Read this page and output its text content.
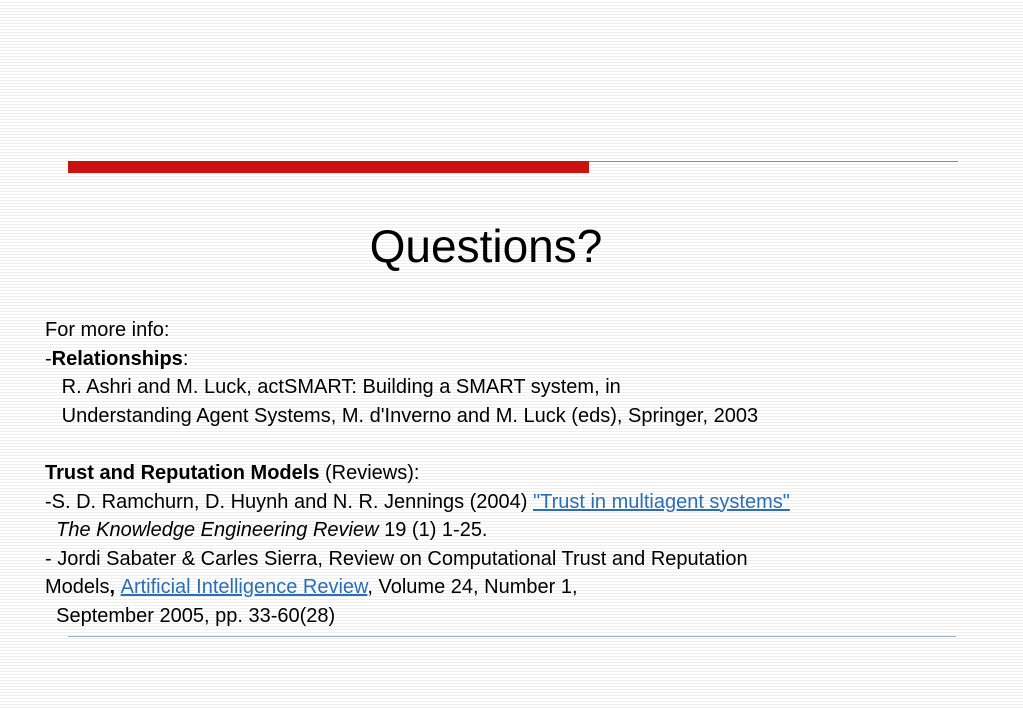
Questions?
For more info:
-Relationships:
R. Ashri and M. Luck, actSMART: Building a SMART system, in
Understanding Agent Systems, M. d'Inverno and M. Luck (eds), Springer, 2003
Trust and Reputation Models (Reviews):
-S. D. Ramchurn, D. Huynh and N. R. Jennings (2004) "Trust in multiagent systems"
The Knowledge Engineering Review 19 (1) 1-25.
- Jordi Sabater & Carles Sierra, Review on Computational Trust and Reputation
Models, Artificial Intelligence Review, Volume 24, Number 1,
September 2005, pp. 33-60(28)
